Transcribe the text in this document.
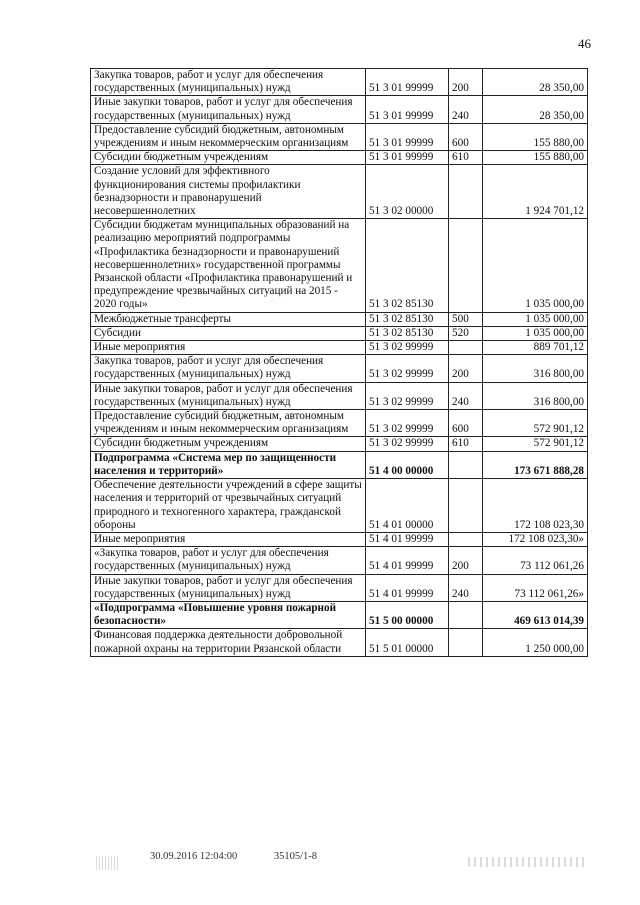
46
Закупка товаров, работ и услуг для обеспечения государственных (муниципальных) нужд	51 3 01 99999	200	28 350,00
Иные закупки товаров, работ и услуг для обеспечения государственных (муниципальных) нужд	51 3 01 99999	240	28 350,00
Предоставление субсидий бюджетным, автономным учреждениям и иным некоммерческим организациям	51 3 01 99999	600	155 880,00
Субсидии бюджетным учреждениям	51 3 01 99999	610	155 880,00
Создание условий для эффективного функционирования системы профилактики безнадзорности и правонарушений несовершеннолетних	51 3 02 00000		1 924 701,12
Субсидии бюджетам муниципальных образований на реализацию мероприятий подпрограммы «Профилактика безнадзорности и правонарушений несовершеннолетних» государственной программы Рязанской области «Профилактика правонарушений и предупреждение чрезвычайных ситуаций на 2015 - 2020 годы»	51 3 02 85130		1 035 000,00
Межбюджетные трансферты	51 3 02 85130	500	1 035 000,00
Субсидии	51 3 02 85130	520	1 035 000,00
Иные мероприятия	51 3 02 99999		889 701,12
Закупка товаров, работ и услуг для обеспечения государственных (муниципальных) нужд	51 3 02 99999	200	316 800,00
Иные закупки товаров, работ и услуг для обеспечения государственных (муниципальных) нужд	51 3 02 99999	240	316 800,00
Предоставление субсидий бюджетным, автономным учреждениям и иным некоммерческим организациям	51 3 02 99999	600	572 901,12
Субсидии бюджетным учреждениям	51 3 02 99999	610	572 901,12
Подпрограмма «Система мер по защищенности населения и территорий»	51 4 00 00000		173 671 888,28
Обеспечение деятельности учреждений в сфере защиты населения и территорий от чрезвычайных ситуаций природного и техногенного характера, гражданской обороны	51 4 01 00000		172 108 023,30
Иные мероприятия	51 4 01 99999		172 108 023,30»
«Закупка товаров, работ и услуг для обеспечения государственных (муниципальных) нужд	51 4 01 99999	200	73 112 061,26
Иные закупки товаров, работ и услуг для обеспечения государственных (муниципальных) нужд	51 4 01 99999	240	73 112 061,26»
«Подпрограмма «Повышение уровня пожарной безопасности»	51 5 00 00000		469 613 014,39
Финансовая поддержка деятельности добровольной пожарной охраны на территории Рязанской области	51 5 01 00000		1 250 000,00
30.09.2016 12:04:00	35105/1-8
